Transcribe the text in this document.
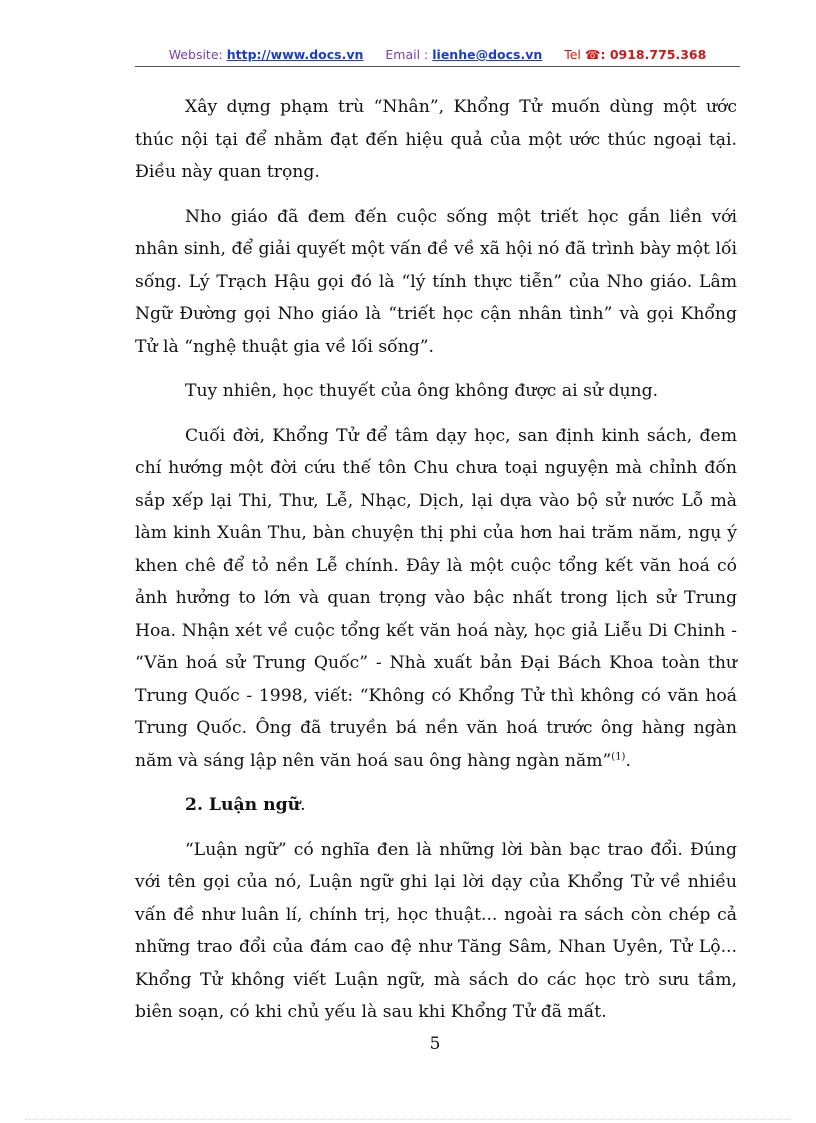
Website: http://www.docs.vn Email : lienhe@docs.vn Tel ☎: 0918.775.368

Xây dựng phạm trù “Nhân”, Khổng Tử muốn dùng một ước thúc nội tại để nhằm đạt đến hiệu quả của một ước thúc ngoại tại. Điều này quan trọng.

Nho giáo đã đem đến cuộc sống một triết học gắn liền với nhân sinh, để giải quyết một vấn đề về xã hội nó đã trình bày một lối sống. Lý Trạch Hậu gọi đó là “lý tính thực tiễn” của Nho giáo. Lâm Ngữ Đường gọi Nho giáo là “triết học cận nhân tình” và gọi Khổng Tử là “nghệ thuật gia về lối sống”.

Tuy nhiên, học thuyết của ông không được ai sử dụng.

Cuối đời, Khổng Tử để tâm dạy học, san định kinh sách, đem chí hướng một đời cứu thế tôn Chu chưa toại nguyện mà chỉnh đốn sắp xếp lại Thi, Thư, Lễ, Nhạc, Dịch, lại dựa vào bộ sử nước Lỗ mà làm kinh Xuân Thu, bàn chuyện thị phi của hơn hai trăm năm, ngụ ý khen chê để tỏ nền Lễ chính. Đây là một cuộc tổng kết văn hoá có ảnh hưởng to lớn và quan trọng vào bậc nhất trong lịch sử Trung Hoa. Nhận xét về cuộc tổng kết văn hoá này, học giả Liễu Di Chinh - “Văn hoá sử Trung Quốc” - Nhà xuất bản Đại Bách Khoa toàn thư Trung Quốc - 1998, viết: “Không có Khổng Tử thì không có văn hoá Trung Quốc. Ông đã truyền bá nền văn hoá trước ông hàng ngàn năm và sáng lập nên văn hoá sau ông hàng ngàn năm”$^{(1)}$.

2. Luận ngữ.

“Luận ngữ” có nghĩa đen là những lời bàn bạc trao đổi. Đúng với tên gọi của nó, Luận ngữ ghi lại lời dạy của Khổng Tử về nhiều vấn đề như luân lí, chính trị, học thuật... ngoài ra sách còn chép cả những trao đổi của đám cao đệ như Tăng Sâm, Nhan Uyên, Tử Lộ... Khổng Tử không viết Luận ngữ, mà sách do các học trò sưu tầm, biên soạn, có khi chủ yếu là sau khi Khổng Tử đã mất.

5
